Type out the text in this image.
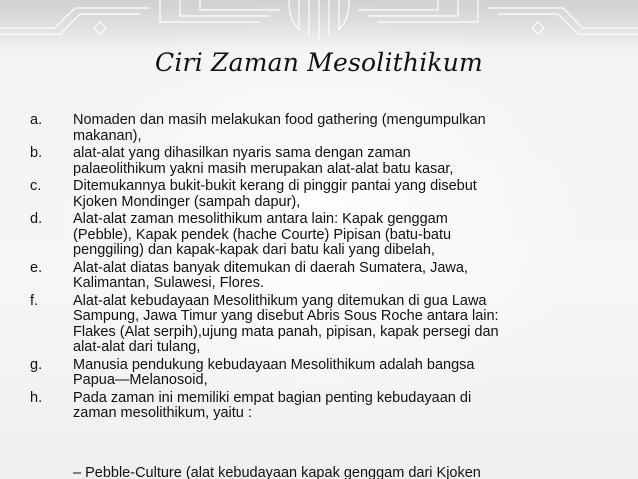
Ciri Zaman Mesolithikum
a. Nomaden dan masih melakukan food gathering (mengumpulkan
makanan),
b. alat-alat yang dihasilkan nyaris sama dengan zaman
palaeolithikum yakni masih merupakan alat-alat batu kasar,
c. Ditemukannya bukit-bukit kerang di pinggir pantai yang disebut
Kjoken Mondinger (sampah dapur),
d. Alat-alat zaman mesolithikum antara lain: Kapak genggam
(Pebble), Kapak pendek (hache Courte) Pipisan (batu-batu
penggiling) dan kapak-kapak dari batu kali yang dibelah,
e. Alat-alat diatas banyak ditemukan di daerah Sumatera, Jawa,
Kalimantan, Sulawesi, Flores.
f. Alat-alat kebudayaan Mesolithikum yang ditemukan di gua Lawa
Sampung, Jawa Timur yang disebut Abris Sous Roche antara lain:
Flakes (Alat serpih),ujung mata panah, pipisan, kapak persegi dan
alat-alat dari tulang,
g. Manusia pendukung kebudayaan Mesolithikum adalah bangsa
Papua—Melanosoid,
h. Pada zaman ini memiliki empat bagian penting kebudayaan di
zaman mesolithikum, yaitu :
– Pebble-Culture (alat kebudayaan kapak genggam dari Kjoken
